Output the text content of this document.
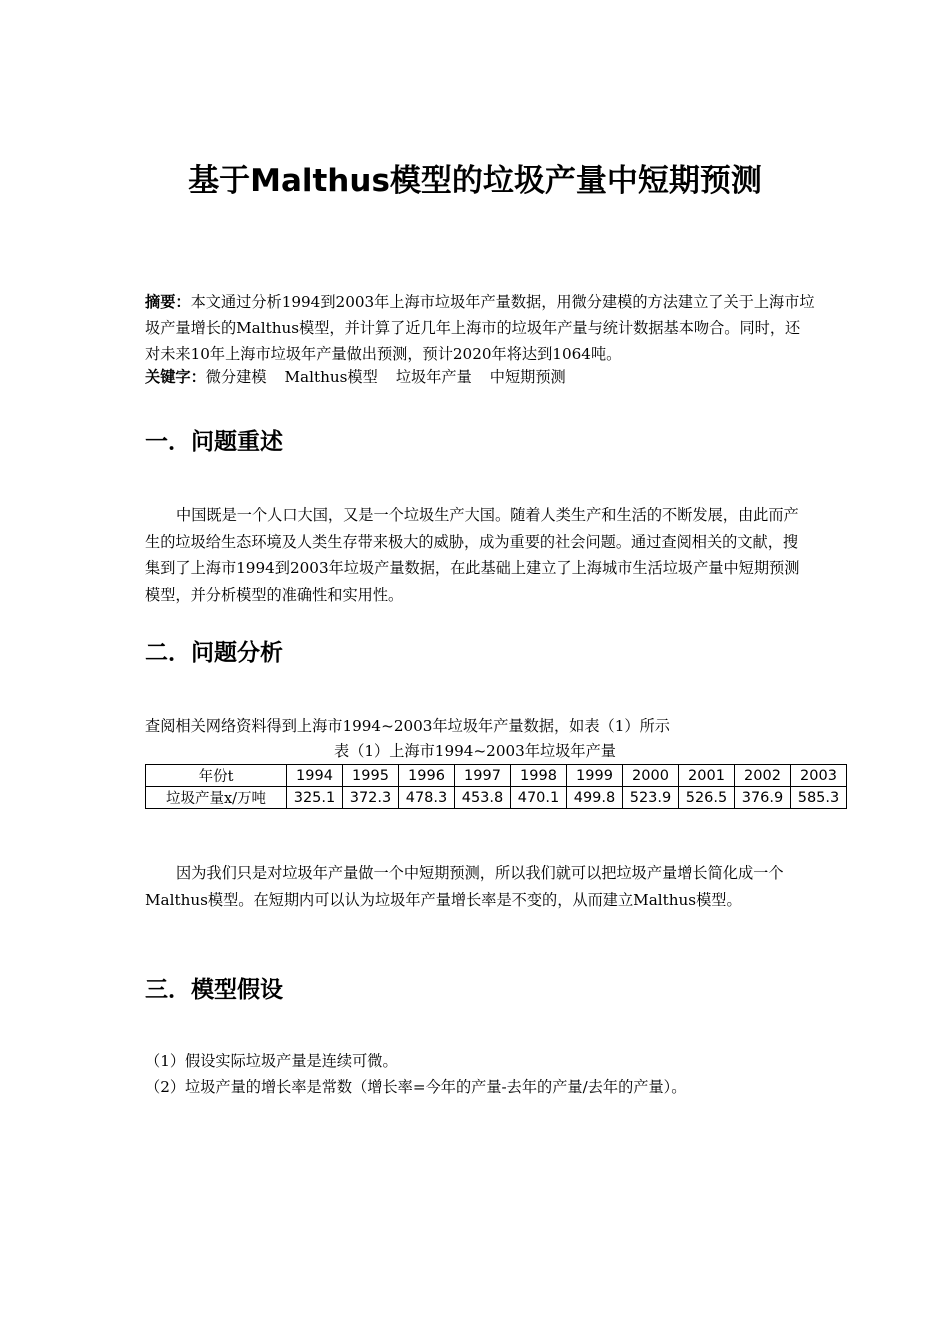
基于Malthus模型的垃圾产量中短期预测
摘要：本文通过分析1994到2003年上海市垃圾年产量数据，用微分建模的方法建立了关于上海市垃圾产量增长的Malthus模型，并计算了近几年上海市的垃圾年产量与统计数据基本吻合。同时，还对未来10年上海市垃圾年产量做出预测，预计2020年将达到1064吨。
关键字：微分建模 Malthus模型 垃圾年产量 中短期预测
一．问题重述
中国既是一个人口大国，又是一个垃圾生产大国。随着人类生产和生活的不断发展，由此而产生的垃圾给生态环境及人类生存带来极大的威胁，成为重要的社会问题。通过查阅相关的文献，搜集到了上海市1994到2003年垃圾产量数据，在此基础上建立了上海城市生活垃圾产量中短期预测模型，并分析模型的准确性和实用性。
二．问题分析
查阅相关网络资料得到上海市1994~2003年垃圾年产量数据，如表（1）所示
表（1）上海市1994~2003年垃圾年产量
年份t	1994	1995	1996	1997	1998	1999	2000	2001	2002	2003
垃圾产量x/万吨	325.1	372.3	478.3	453.8	470.1	499.8	523.9	526.5	376.9	585.3
因为我们只是对垃圾年产量做一个中短期预测，所以我们就可以把垃圾产量增长简化成一个Malthus模型。在短期内可以认为垃圾年产量增长率是不变的，从而建立Malthus模型。
三．模型假设
（1）假设实际垃圾产量是连续可微。
（2）垃圾产量的增长率是常数（增长率=今年的产量-去年的产量/去年的产量）。
